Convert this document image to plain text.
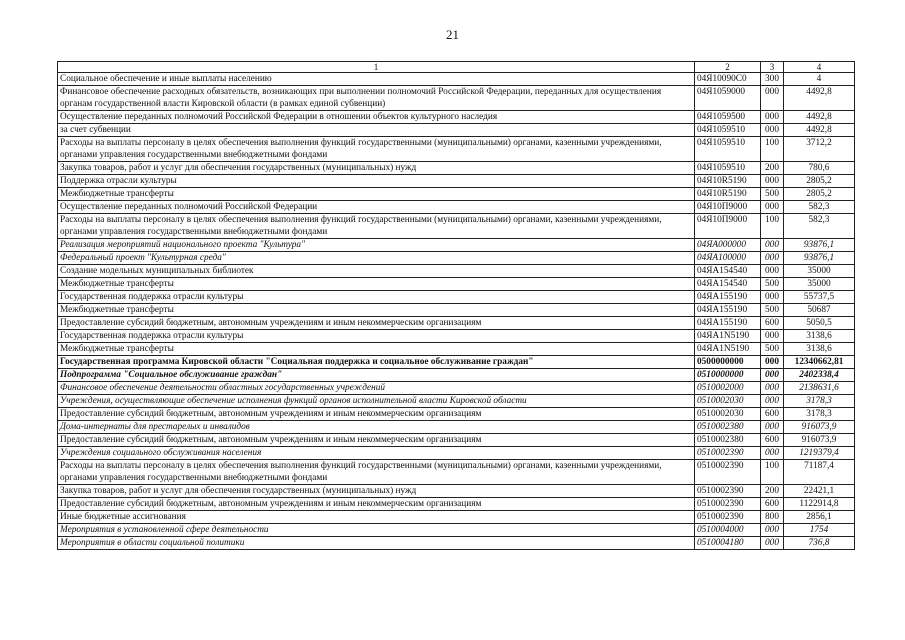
21
1	2	3	4
Социальное обеспечение и иные выплаты населению	04Я10090С0	300	4
Финансовое обеспечение расходных обязательств, возникающих при выполнении полномочий Российской Федерации, переданных для осуществления органам государственной власти Кировской области (в рамках единой субвенции)	04Я1059000	000	4492,8
Осуществление переданных полномочий Российской Федерации в отношении объектов культурного наследия	04Я1059500	000	4492,8
за счет субвенции	04Я1059510	000	4492,8
Расходы на выплаты персоналу в целях обеспечения выполнения функций государственными (муниципальными) органами, казенными учреждениями, органами управления государственными внебюджетными фондами	04Я1059510	100	3712,2
Закупка товаров, работ и услуг для обеспечения государственных (муниципальных) нужд	04Я1059510	200	780,6
Поддержка отрасли культуры	04Я10R5190	000	2805,2
Межбюджетные трансферты	04Я10R5190	500	2805,2
Осуществление переданных полномочий Российской Федерации	04Я10П9000	000	582,3
Расходы на выплаты персоналу в целях обеспечения выполнения функций государственными (муниципальными) органами, казенными учреждениями, органами управления государственными внебюджетными фондами	04Я10П9000	100	582,3
Реализация мероприятий национального проекта "Культура"	04ЯА000000	000	93876,1
Федеральный проект "Культурная среда"	04ЯА100000	000	93876,1
Создание модельных муниципальных библиотек	04ЯА154540	000	35000
Межбюджетные трансферты	04ЯА154540	500	35000
Государственная поддержка отрасли культуры	04ЯА155190	000	55737,5
Межбюджетные трансферты	04ЯА155190	500	50687
Предоставление субсидий бюджетным, автономным учреждениям и иным некоммерческим организациям	04ЯА155190	600	5050,5
Государственная поддержка отрасли культуры	04ЯА1N5190	000	3138,6
Межбюджетные трансферты	04ЯА1N5190	500	3138,6
Государственная программа Кировской области "Социальная поддержка и социальное обслуживание граждан"	0500000000	000	12340662,81
Подпрограмма "Социальное обслуживание граждан"	0510000000	000	2402338,4
Финансовое обеспечение деятельности областных государственных учреждений	0510002000	000	2138631,6
Учреждения, осуществляющие обеспечение исполнения функций органов исполнительной власти Кировской области	0510002030	000	3178,3
Предоставление субсидий бюджетным, автономным учреждениям и иным некоммерческим организациям	0510002030	600	3178,3
Дома-интернаты для престарелых и инвалидов	0510002380	000	916073,9
Предоставление субсидий бюджетным, автономным учреждениям и иным некоммерческим организациям	0510002380	600	916073,9
Учреждения социального обслуживания населения	0510002390	000	1219379,4
Расходы на выплаты персоналу в целях обеспечения выполнения функций государственными (муниципальными) органами, казенными учреждениями, органами управления государственными внебюджетными фондами	0510002390	100	71187,4
Закупка товаров, работ и услуг для обеспечения государственных (муниципальных) нужд	0510002390	200	22421,1
Предоставление субсидий бюджетным, автономным учреждениям и иным некоммерческим организациям	0510002390	600	1122914,8
Иные бюджетные ассигнования	0510002390	800	2856,1
Мероприятия в установленной сфере деятельности	0510004000	000	1754
Мероприятия в области социальной политики	0510004180	000	736,8
